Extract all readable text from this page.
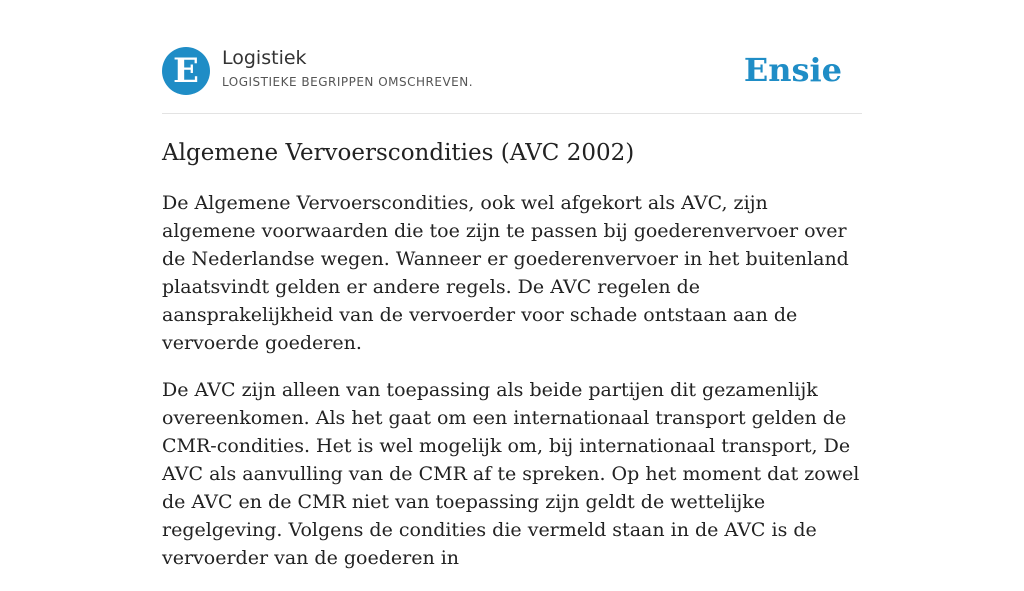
E	Logistiek
LOGISTIEKE BEGRIPPEN OMSCHREVEN.	Ensie
Algemene Vervoerscondities (AVC 2002)

De Algemene Vervoerscondities, ook wel afgekort als AVC, zijn algemene voorwaarden die toe zijn te passen bij goederenvervoer over de Nederlandse wegen. Wanneer er goederenvervoer in het buitenland plaatsvindt gelden er andere regels. De AVC regelen de aansprakelijkheid van de vervoerder voor schade ontstaan aan de vervoerde goederen.

De AVC zijn alleen van toepassing als beide partijen dit gezamenlijk overeenkomen. Als het gaat om een internationaal transport gelden de CMR-condities. Het is wel mogelijk om, bij internationaal transport, De AVC als aanvulling van de CMR af te spreken. Op het moment dat zowel de AVC en de CMR niet van toepassing zijn geldt de wettelijke regelgeving. Volgens de condities die vermeld staan in de AVC is de vervoerder van de goederen in
